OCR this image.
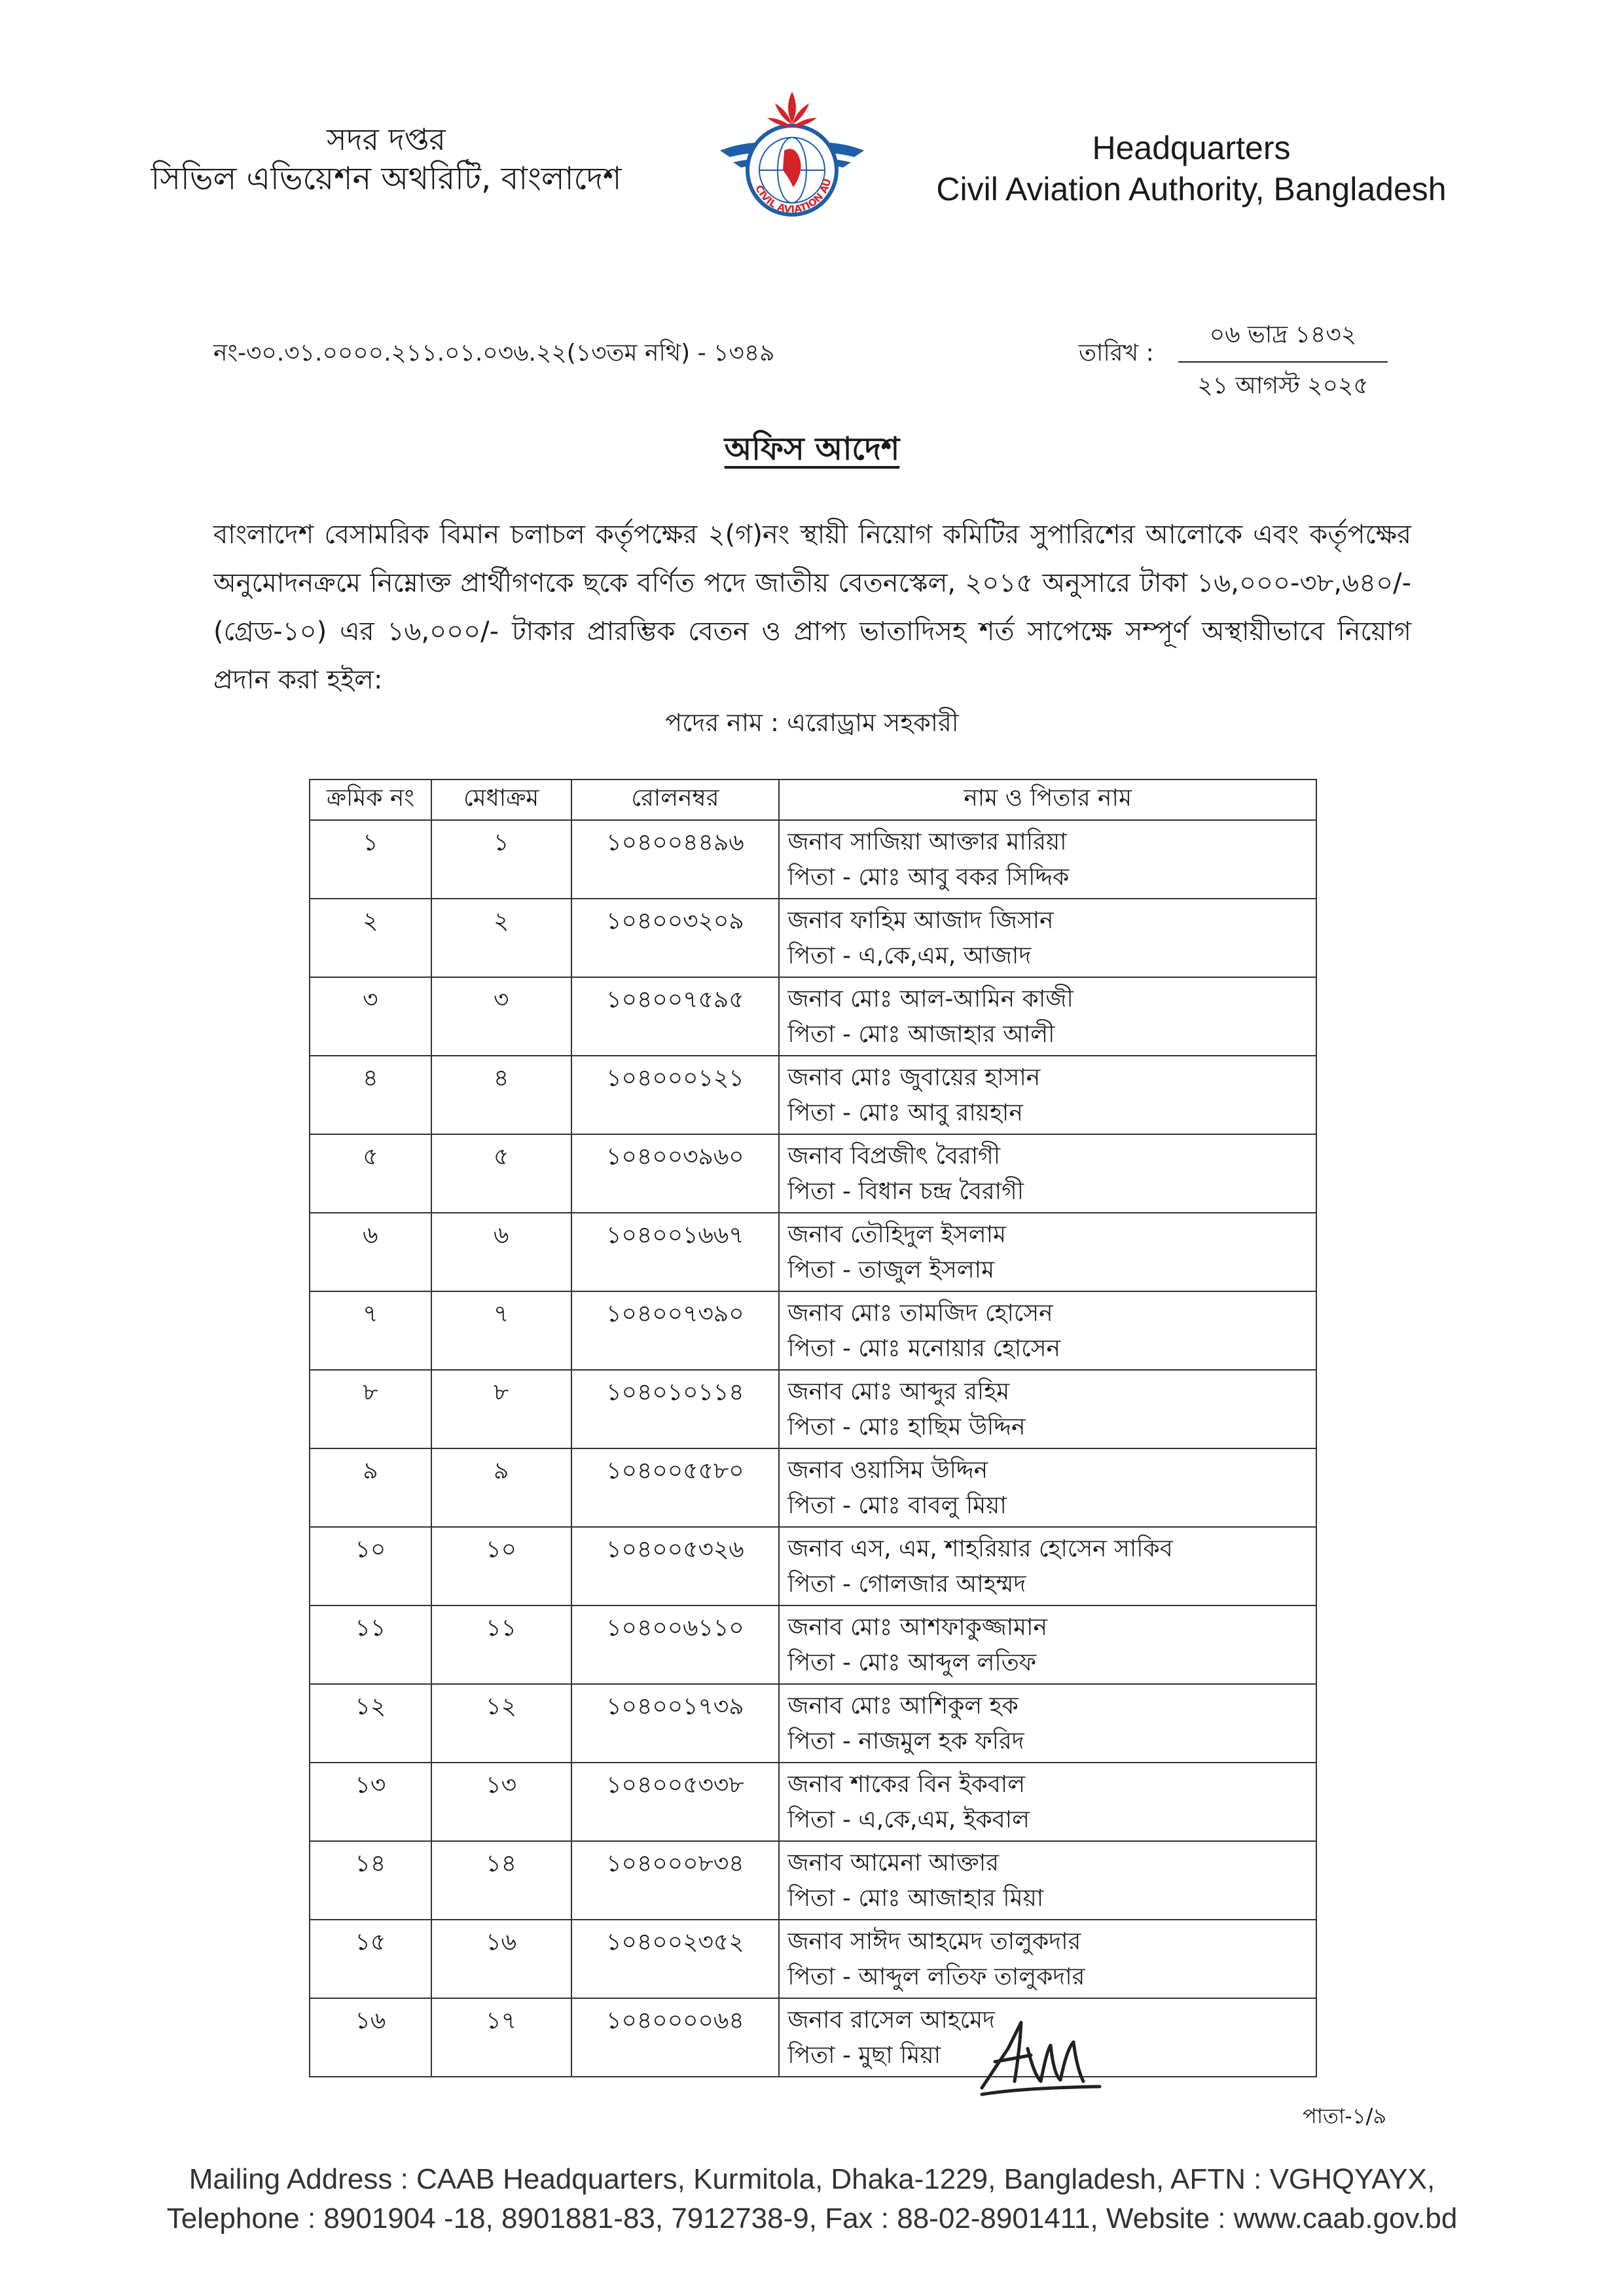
সদর দপ্তর
সিভিল এভিয়েশন অথরিটি, বাংলাদেশ	CIVIL AVIATION AU
Headquarters
Civil Aviation Authority, Bangladesh
নং-৩০.৩১.০০০০.২১১.০১.০৩৬.২২(১৩তম নথি) - ১৩৪৯	তারিখ :
০৬ ভাদ্র ১৪৩২
২১ আগস্ট ২০২৫
অফিস আদেশ
বাংলাদেশ বেসামরিক বিমান চলাচল কর্তৃপক্ষের ২(গ)নং স্থায়ী নিয়োগ কমিটির সুপারিশের আলোকে এবং কর্তৃপক্ষের অনুমোদনক্রমে নিম্নোক্ত প্রার্থীগণকে ছকে বর্ণিত পদে জাতীয় বেতনস্কেল, ২০১৫ অনুসারে টাকা ১৬,০০০-৩৮,৬৪০/- (গ্রেড-১০) এর ১৬,০০০/- টাকার প্রারম্ভিক বেতন ও প্রাপ্য ভাতাদিসহ শর্ত সাপেক্ষে সম্পূর্ণ অস্থায়ীভাবে নিয়োগ প্রদান করা হইল:
পদের নাম : এরোড্রাম সহকারী
ক্রমিক নং	মেধাক্রম	রোলনম্বর	নাম ও পিতার নাম
১	১	১০৪০০৪৪৯৬	জনাব সাজিয়া আক্তার মারিয়া
পিতা - মোঃ আবু বকর সিদ্দিক

২	২	১০৪০০৩২০৯	জনাব ফাহিম আজাদ জিসান
পিতা - এ,কে,এম, আজাদ

৩	৩	১০৪০০৭৫৯৫	জনাব মোঃ আল-আমিন কাজী
পিতা - মোঃ আজাহার আলী

৪	৪	১০৪০০০১২১	জনাব মোঃ জুবায়ের হাসান
পিতা - মোঃ আবু রায়হান

৫	৫	১০৪০০৩৯৬০	জনাব বিপ্রজীৎ বৈরাগী
পিতা - বিধান চন্দ্র বৈরাগী

৬	৬	১০৪০০১৬৬৭	জনাব তৌহিদুল ইসলাম
পিতা - তাজুল ইসলাম

৭	৭	১০৪০০৭৩৯০	জনাব মোঃ তামজিদ হোসেন
পিতা - মোঃ মনোয়ার হোসেন

৮	৮	১০৪০১০১১৪	জনাব মোঃ আব্দুর রহিম
পিতা - মোঃ হাছিম উদ্দিন

৯	৯	১০৪০০৫৫৮০	জনাব ওয়াসিম উদ্দিন
পিতা - মোঃ বাবলু মিয়া

১০	১০	১০৪০০৫৩২৬	জনাব এস, এম, শাহরিয়ার হোসেন সাকিব
পিতা - গোলজার আহম্মদ

১১	১১	১০৪০০৬১১০	জনাব মোঃ আশফাকুজ্জামান
পিতা - মোঃ আব্দুল লতিফ

১২	১২	১০৪০০১৭৩৯	জনাব মোঃ আশিকুল হক
পিতা - নাজমুল হক ফরিদ

১৩	১৩	১০৪০০৫৩৩৮	জনাব শাকের বিন ইকবাল
পিতা - এ,কে,এম, ইকবাল

১৪	১৪	১০৪০০০৮৩৪	জনাব আমেনা আক্তার
পিতা - মোঃ আজাহার মিয়া

১৫	১৬	১০৪০০২৩৫২	জনাব সাঈদ আহমেদ তালুকদার
পিতা - আব্দুল লতিফ তালুকদার

১৬	১৭	১০৪০০০০৬৪	জনাব রাসেল আহমেদ
পিতা - মুছা মিয়া
পাতা-১/৯
Mailing Address : CAAB Headquarters, Kurmitola, Dhaka-1229, Bangladesh, AFTN : VGHQYAYX,
Telephone : 8901904 -18, 8901881-83, 7912738-9, Fax : 88-02-8901411, Website : www.caab.gov.bd
